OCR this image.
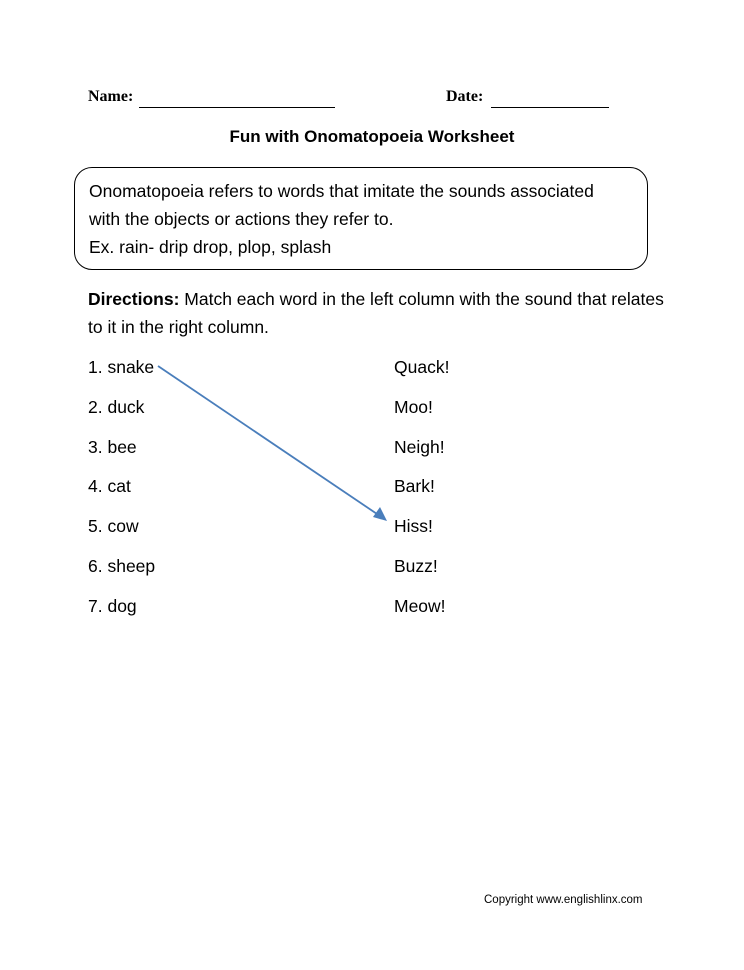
Name:	Date:
Fun with Onomatopoeia Worksheet
Onomatopoeia refers to words that imitate the sounds associated
with the objects or actions they refer to.
Ex. rain- drip drop, plop, splash
Directions: Match each word in the left column with the sound that relates to it in the right column.
1. snake
2. duck
3. bee
4. cat
5. cow
6. sheep
7. dog
Quack!
Moo!
Neigh!
Bark!
Hiss!
Buzz!
Meow!
Copyright www.englishlinx.com
